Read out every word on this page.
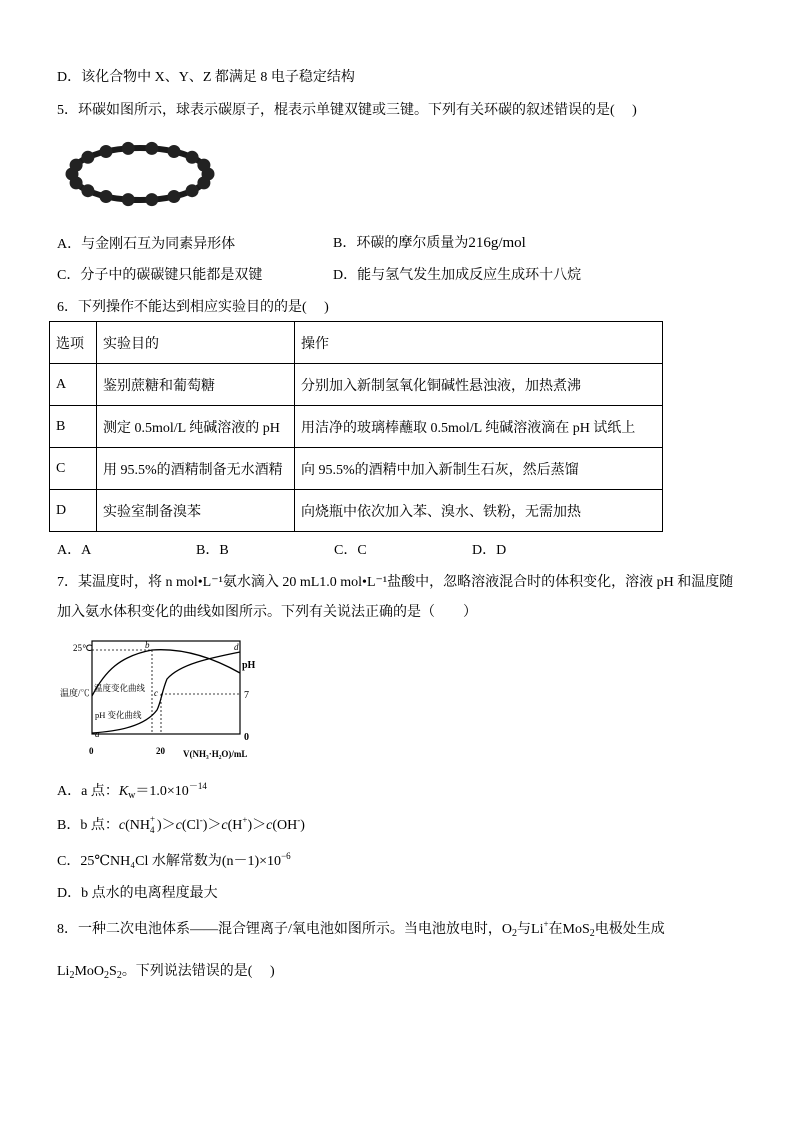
D．该化合物中 X、Y、Z 都满足 8 电子稳定结构
5．环碳如图所示，球表示碳原子，棍表示单键双键或三键。下列有关环碳的叙述错误的是(　 )
A．与金刚石互为同素异形体	B．环碳的摩尔质量为216g/mol
C．分子中的碳碳键只能都是双键	D．能与氢气发生加成反应生成环十八烷
6．下列操作不能达到相应实验目的的是(　 )
选项	实验目的	操作
A	鉴别蔗糖和葡萄糖	分别加入新制氢氧化铜碱性悬浊液，加热煮沸
B	测定 0.5mol/L 纯碱溶液的 pH	用洁净的玻璃棒蘸取 0.5mol/L 纯碱溶液滴在 pH 试纸上
C	用 95.5%的酒精制备无水酒精	向 95.5%的酒精中加入新制生石灰，然后蒸馏
D	实验室制备溴苯	向烧瓶中依次加入苯、溴水、铁粉，无需加热
A．A	B．B	C．C	D．D
7．某温度时，将 n mol•L⁻¹氨水滴入 20 mL1.0 mol•L⁻¹盐酸中，忽略溶液混合时的体积变化，溶液 pH 和温度随
加入氨水体积变化的曲线如图所示。下列有关说法正确的是（　　）
25℃
温度/℃ 温度变化曲线
pH 变化曲线
pH
7
0
0	20 V(NH₃·H₂O)/mL
a
b
c
d
A．a 点：$K_w=1.0\times 10^{-14}$
B．b 点：c(NH +
4 )＞c(Cl-)＞c(H+)＞c(OH-)
C．25℃NH₄Cl 水解常数为$(n-1)\times 10^{-6}$
D．b 点水的电离程度最大
8．一种二次电池体系——混合锂离子/氧电池如图所示。当电池放电时，$O_2$与Li+在MoS$_2$电极处生成
$Li_2MoO_2S_2$。下列说法错误的是(　 )
